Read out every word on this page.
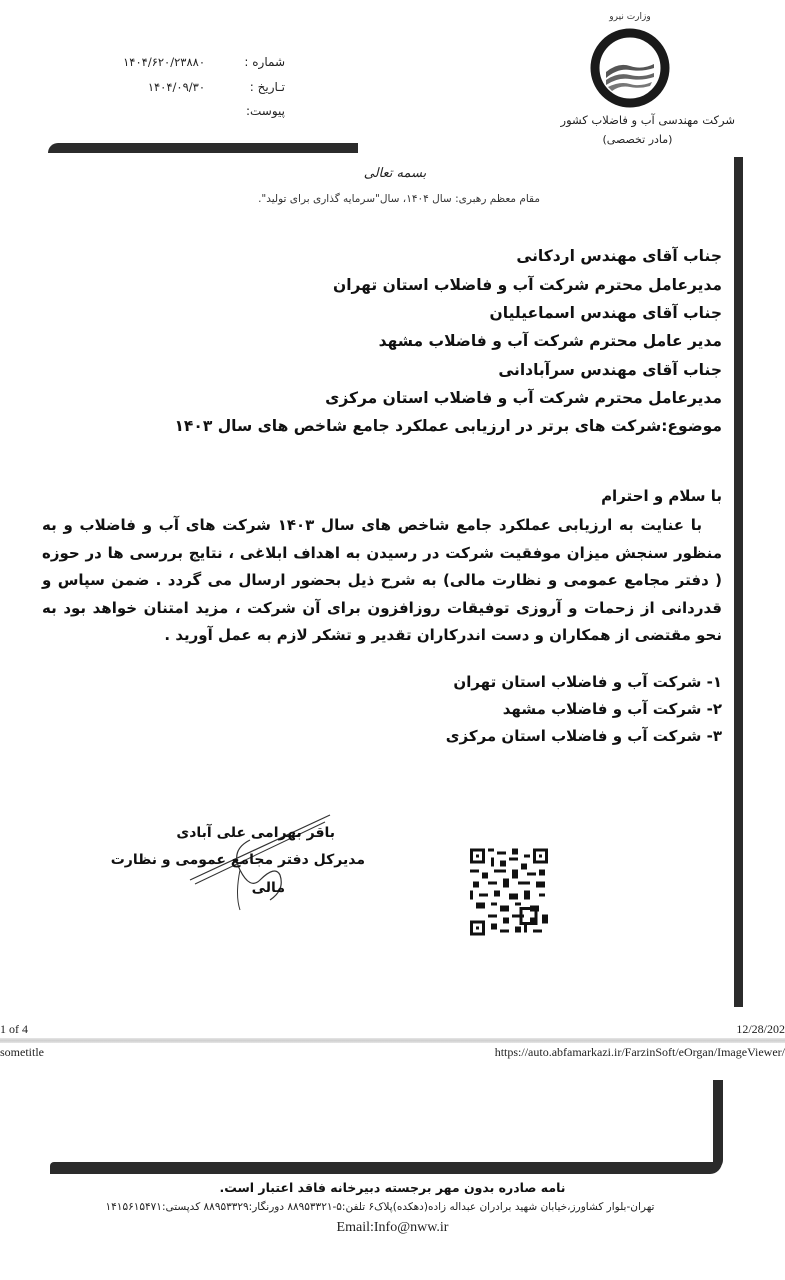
وزارت نیرو
شرکت مهندسی آب و فاضلاب کشور
(مادر تخصصی)
شماره :
۱۴۰۴/۶۲۰/۲۳۸۸۰
تـاریخ :
۱۴۰۴/۰۹/۳۰
پیوست:
بسمه تعالی
مقام معظم رهبری: سال ۱۴۰۴، سال"سرمایه گذاری برای تولید".
جناب آقای مهندس اردکانی
مدیرعامل محترم شرکت آب و فاضلاب استان تهران
جناب آقای مهندس اسماعیلیان
مدیر عامل محترم شرکت آب و فاضلاب مشهد
جناب آقای مهندس سرآبادانی
مدیرعامل محترم شرکت آب و فاضلاب استان مرکزی
موضوع:شرکت های برتر در ارزیابی عملکرد جامع شاخص های سال ۱۴۰۳
با سلام و احترام
با عنایت به ارزیابی عملکرد جامع شاخص های سال ۱۴۰۳ شرکت های آب و فاضلاب و به منظور سنجش میزان موفقیت شرکت در رسیدن به اهداف ابلاغی ، نتایج بررسی ها در حوزه ( دفتر مجامع عمومی و نظارت مالی) به شرح ذیل بحضور ارسال می گردد . ضمن سپاس و قدردانی از زحمات و آروزی توفیقات روزافزون برای آن شرکت ، مزید امتنان خواهد بود به نحو مقتضی از همکاران و دست اندرکاران تقدیر و تشکر لازم به عمل آورید .
۱- شرکت آب و فاضلاب استان تهران
۲- شرکت آب و فاضلاب مشهد
۳- شرکت آب و فاضلاب استان مرکزی
باقر بهرامی علی آبادی
مدیرکل دفتر مجامع عمومی و نظارت
مالی
1 of 4	12/28/202
sometitle	https://auto.abfamarkazi.ir/FarzinSoft/eOrgan/ImageViewer/
نامه صادره بدون مهر برجسته دبیرخانه فاقد اعتبار است.
تهران-بلوار کشاورز،خیابان شهید برادران عبداله زاده(دهکده)پلاک۶ تلفن:۵-۸۸۹۵۳۳۲۱ دورنگار:۸۸۹۵۳۳۲۹ کدپستی:۱۴۱۵۶۱۵۴۷۱
Email:Info@nww.ir
